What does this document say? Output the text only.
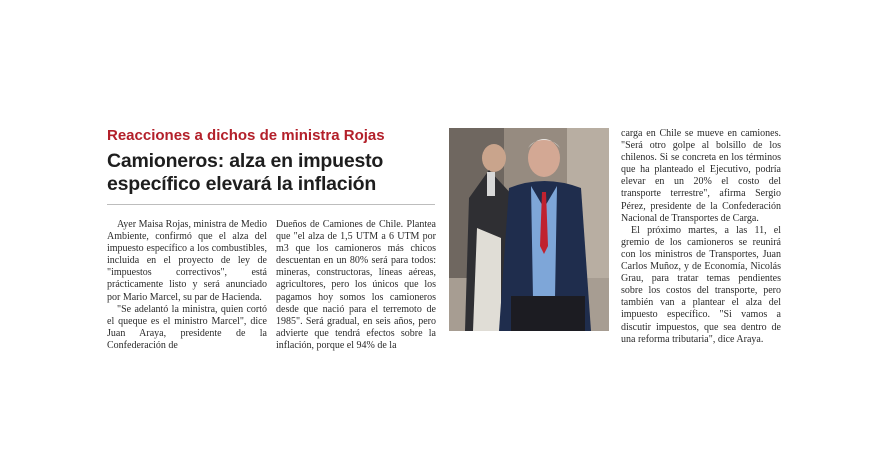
Reacciones a dichos de ministra Rojas
Camioneros: alza en impuesto específico elevará la inflación

Ayer Maisa Rojas, ministra de Medio Ambiente, confirmó que el alza del impuesto específico a los combustibles, incluida en el proyecto de ley de "impuestos correctivos", está prácticamente listo y será anunciado por Mario Marcel, su par de Hacienda.

"Se adelantó la ministra, quien cortó el queque es el ministro Marcel", dice Juan Araya, presidente de la Confederación de

Dueños de Camiones de Chile. Plantea que "el alza de 1,5 UTM a 6 UTM por m3 que los camioneros más chicos descuentan en un 80% será para todos: mineras, constructoras, líneas aéreas, agricultores, pero los únicos que los pagamos hoy somos los camioneros desde que nació para el terremoto de 1985". Será gradual, en seis años, pero advierte que tendrá efectos sobre la inflación, porque el 94% de la

carga en Chile se mueve en camiones. "Será otro golpe al bolsillo de los chilenos. Si se concreta en los términos que ha planteado el Ejecutivo, podría elevar en un 20% el costo del transporte terrestre", afirma Sergio Pérez, presidente de la Confederación Nacional de Transportes de Carga.

El próximo martes, a las 11, el gremio de los camioneros se reunirá con los ministros de Transportes, Juan Carlos Muñoz, y de Economía, Nicolás Grau, para tratar temas pendientes sobre los costos del transporte, pero también van a plantear el alza del impuesto específico. "Si vamos a discutir impuestos, que sea dentro de una reforma tributaria", dice Araya.
